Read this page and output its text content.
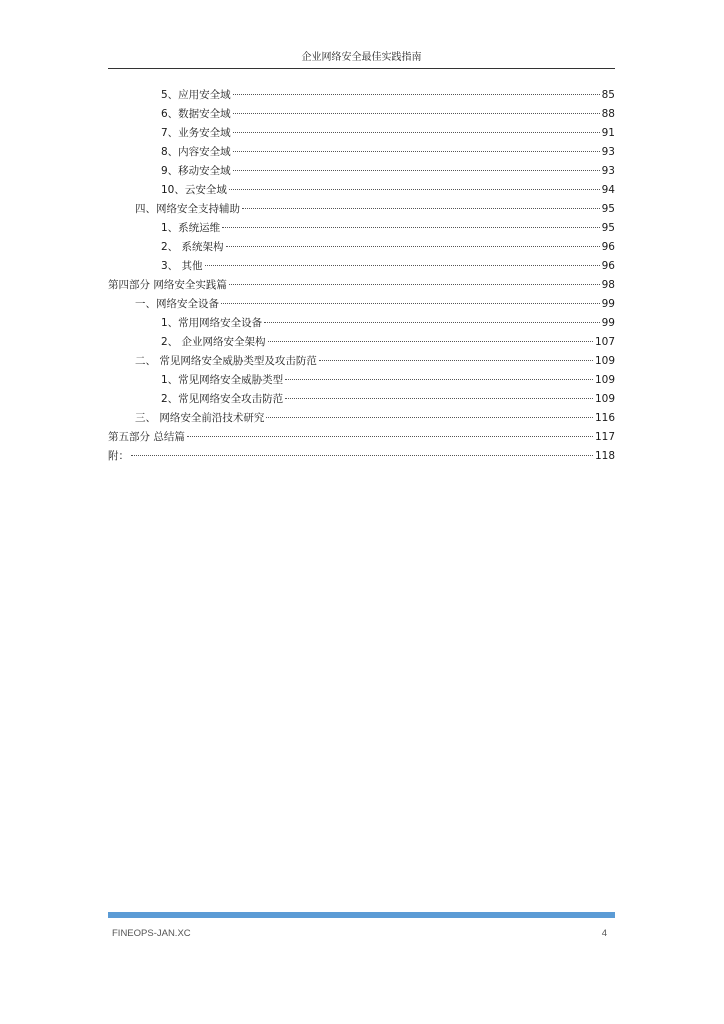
企业网络安全最佳实践指南
5、应用安全域	85
6、数据安全域	88
7、业务安全域	91
8、内容安全域	93
9、移动安全域	93
10、云安全域	94
四、网络安全支持辅助	95
1、系统运维	95
2、 系统架构	96
3、 其他	96
第四部分 网络安全实践篇	98
一、网络安全设备	99
1、常用网络安全设备	99
2、 企业网络安全架构	107
二、 常见网络安全威胁类型及攻击防范	109
1、常见网络安全威胁类型	109
2、常见网络安全攻击防范	109
三、 网络安全前沿技术研究	116
第五部分 总结篇	117
附：	118
FINEOPS-JAN.XC	4
